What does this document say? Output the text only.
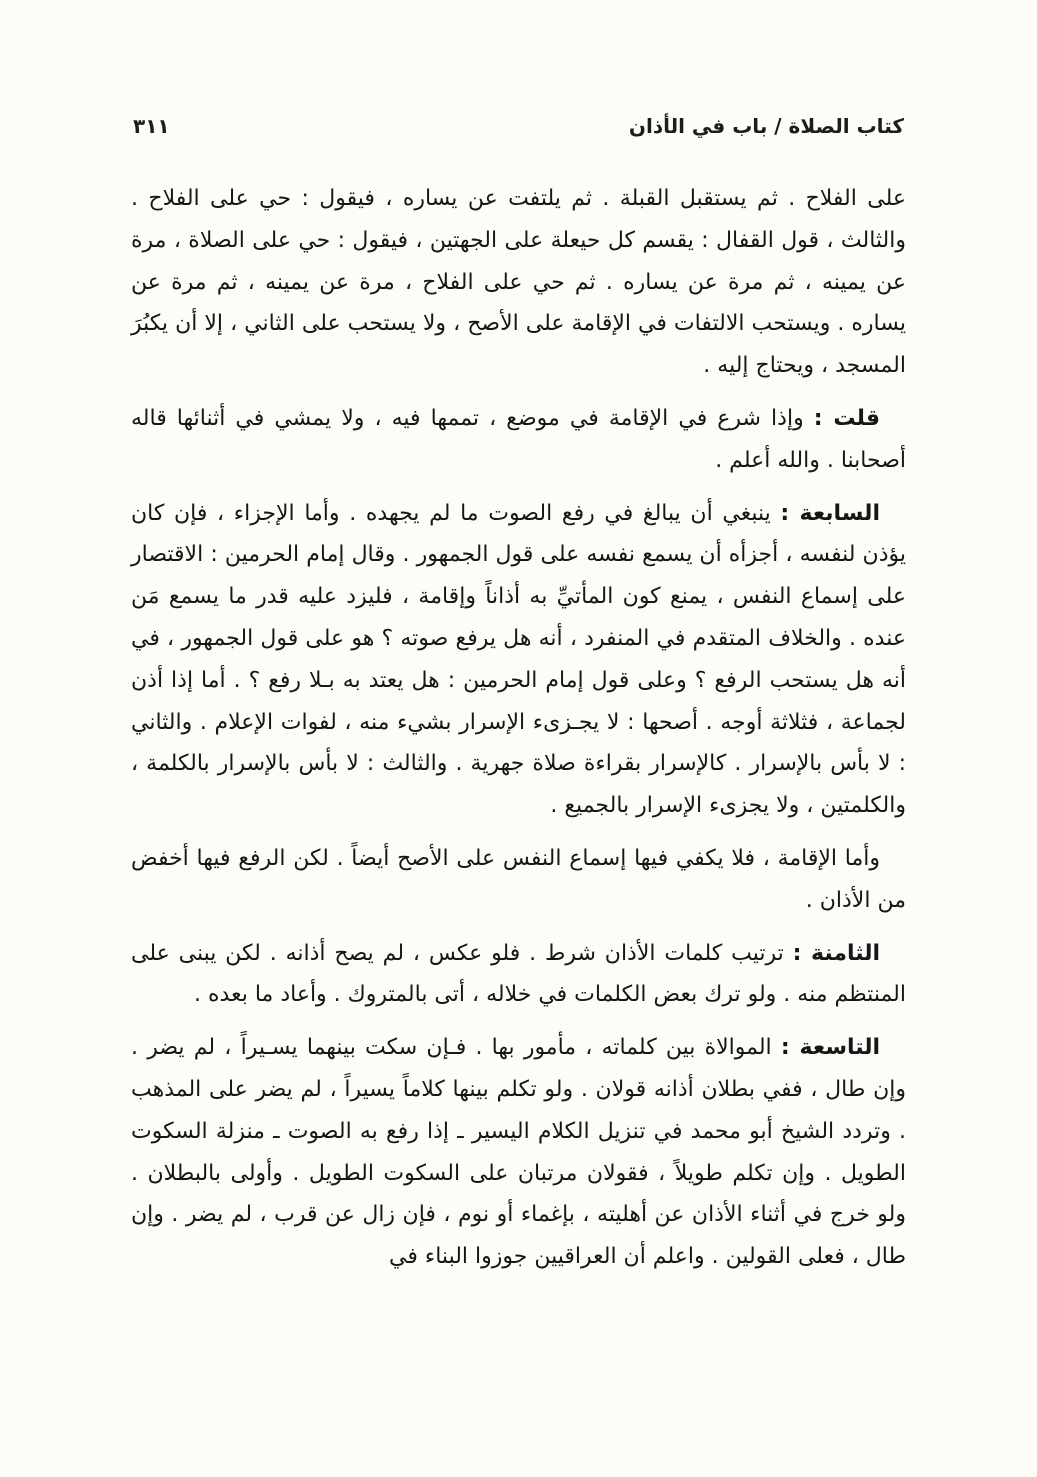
كتاب الصلاة / باب في الأذان
٣١١

على الفلاح . ثم يستقبل القبلة . ثم يلتفت عن يساره ، فيقول : حي على الفلاح . والثالث ، قول القفال : يقسم كل حيعلة على الجهتين ، فيقول : حي على الصلاة ، مرة عن يمينه ، ثم مرة عن يساره . ثم حي على الفلاح ، مرة عن يمينه ، ثم مرة عن يساره . ويستحب الالتفات في الإقامة على الأصح ، ولا يستحب على الثاني ، إلا أن يكبُرَ المسجد ، ويحتاج إليه .

قلت : وإذا شرع في الإقامة في موضع ، تممها فيه ، ولا يمشي في أثنائها قاله أصحابنا . والله أعلم .

السابعة : ينبغي أن يبالغ في رفع الصوت ما لم يجهده . وأما الإجزاء ، فإن كان يؤذن لنفسه ، أجزأه أن يسمع نفسه على قول الجمهور . وقال إمام الحرمين : الاقتصار على إسماع النفس ، يمنع كون المأتيِّ به أذاناً وإقامة ، فليزد عليه قدر ما يسمع مَن عنده . والخلاف المتقدم في المنفرد ، أنه هل يرفع صوته ؟ هو على قول الجمهور ، في أنه هل يستحب الرفع ؟ وعلى قول إمام الحرمين : هل يعتد به بـلا رفع ؟ . أما إذا أذن لجماعة ، فثلاثة أوجه . أصحها : لا يجـزىء الإسرار بشيء منه ، لفوات الإعلام . والثاني : لا بأس بالإسرار . كالإسرار بقراءة صلاة جهرية . والثالث : لا بأس بالإسرار بالكلمة ، والكلمتين ، ولا يجزىء الإسرار بالجميع .

وأما الإقامة ، فلا يكفي فيها إسماع النفس على الأصح أيضاً . لكن الرفع فيها أخفض من الأذان .

الثامنة : ترتيب كلمات الأذان شرط . فلو عكس ، لم يصح أذانه . لكن يبنى على المنتظم منه . ولو ترك بعض الكلمات في خلاله ، أتى بالمتروك . وأعاد ما بعده .

التاسعة : الموالاة بين كلماته ، مأمور بها . فـإن سكت بينهما يسـيراً ، لم يضر . وإن طال ، ففي بطلان أذانه قولان . ولو تكلم بينها كلاماً يسيراً ، لم يضر على المذهب . وتردد الشيخ أبو محمد في تنزيل الكلام اليسير ـ إذا رفع به الصوت ـ منزلة السكوت الطويل . وإن تكلم طويلاً ، فقولان مرتبان على السكوت الطويل . وأولى بالبطلان . ولو خرج في أثناء الأذان عن أهليته ، بإغماء أو نوم ، فإن زال عن قرب ، لم يضر . وإن طال ، فعلى القولين . واعلم أن العراقيين جوزوا البناء في
